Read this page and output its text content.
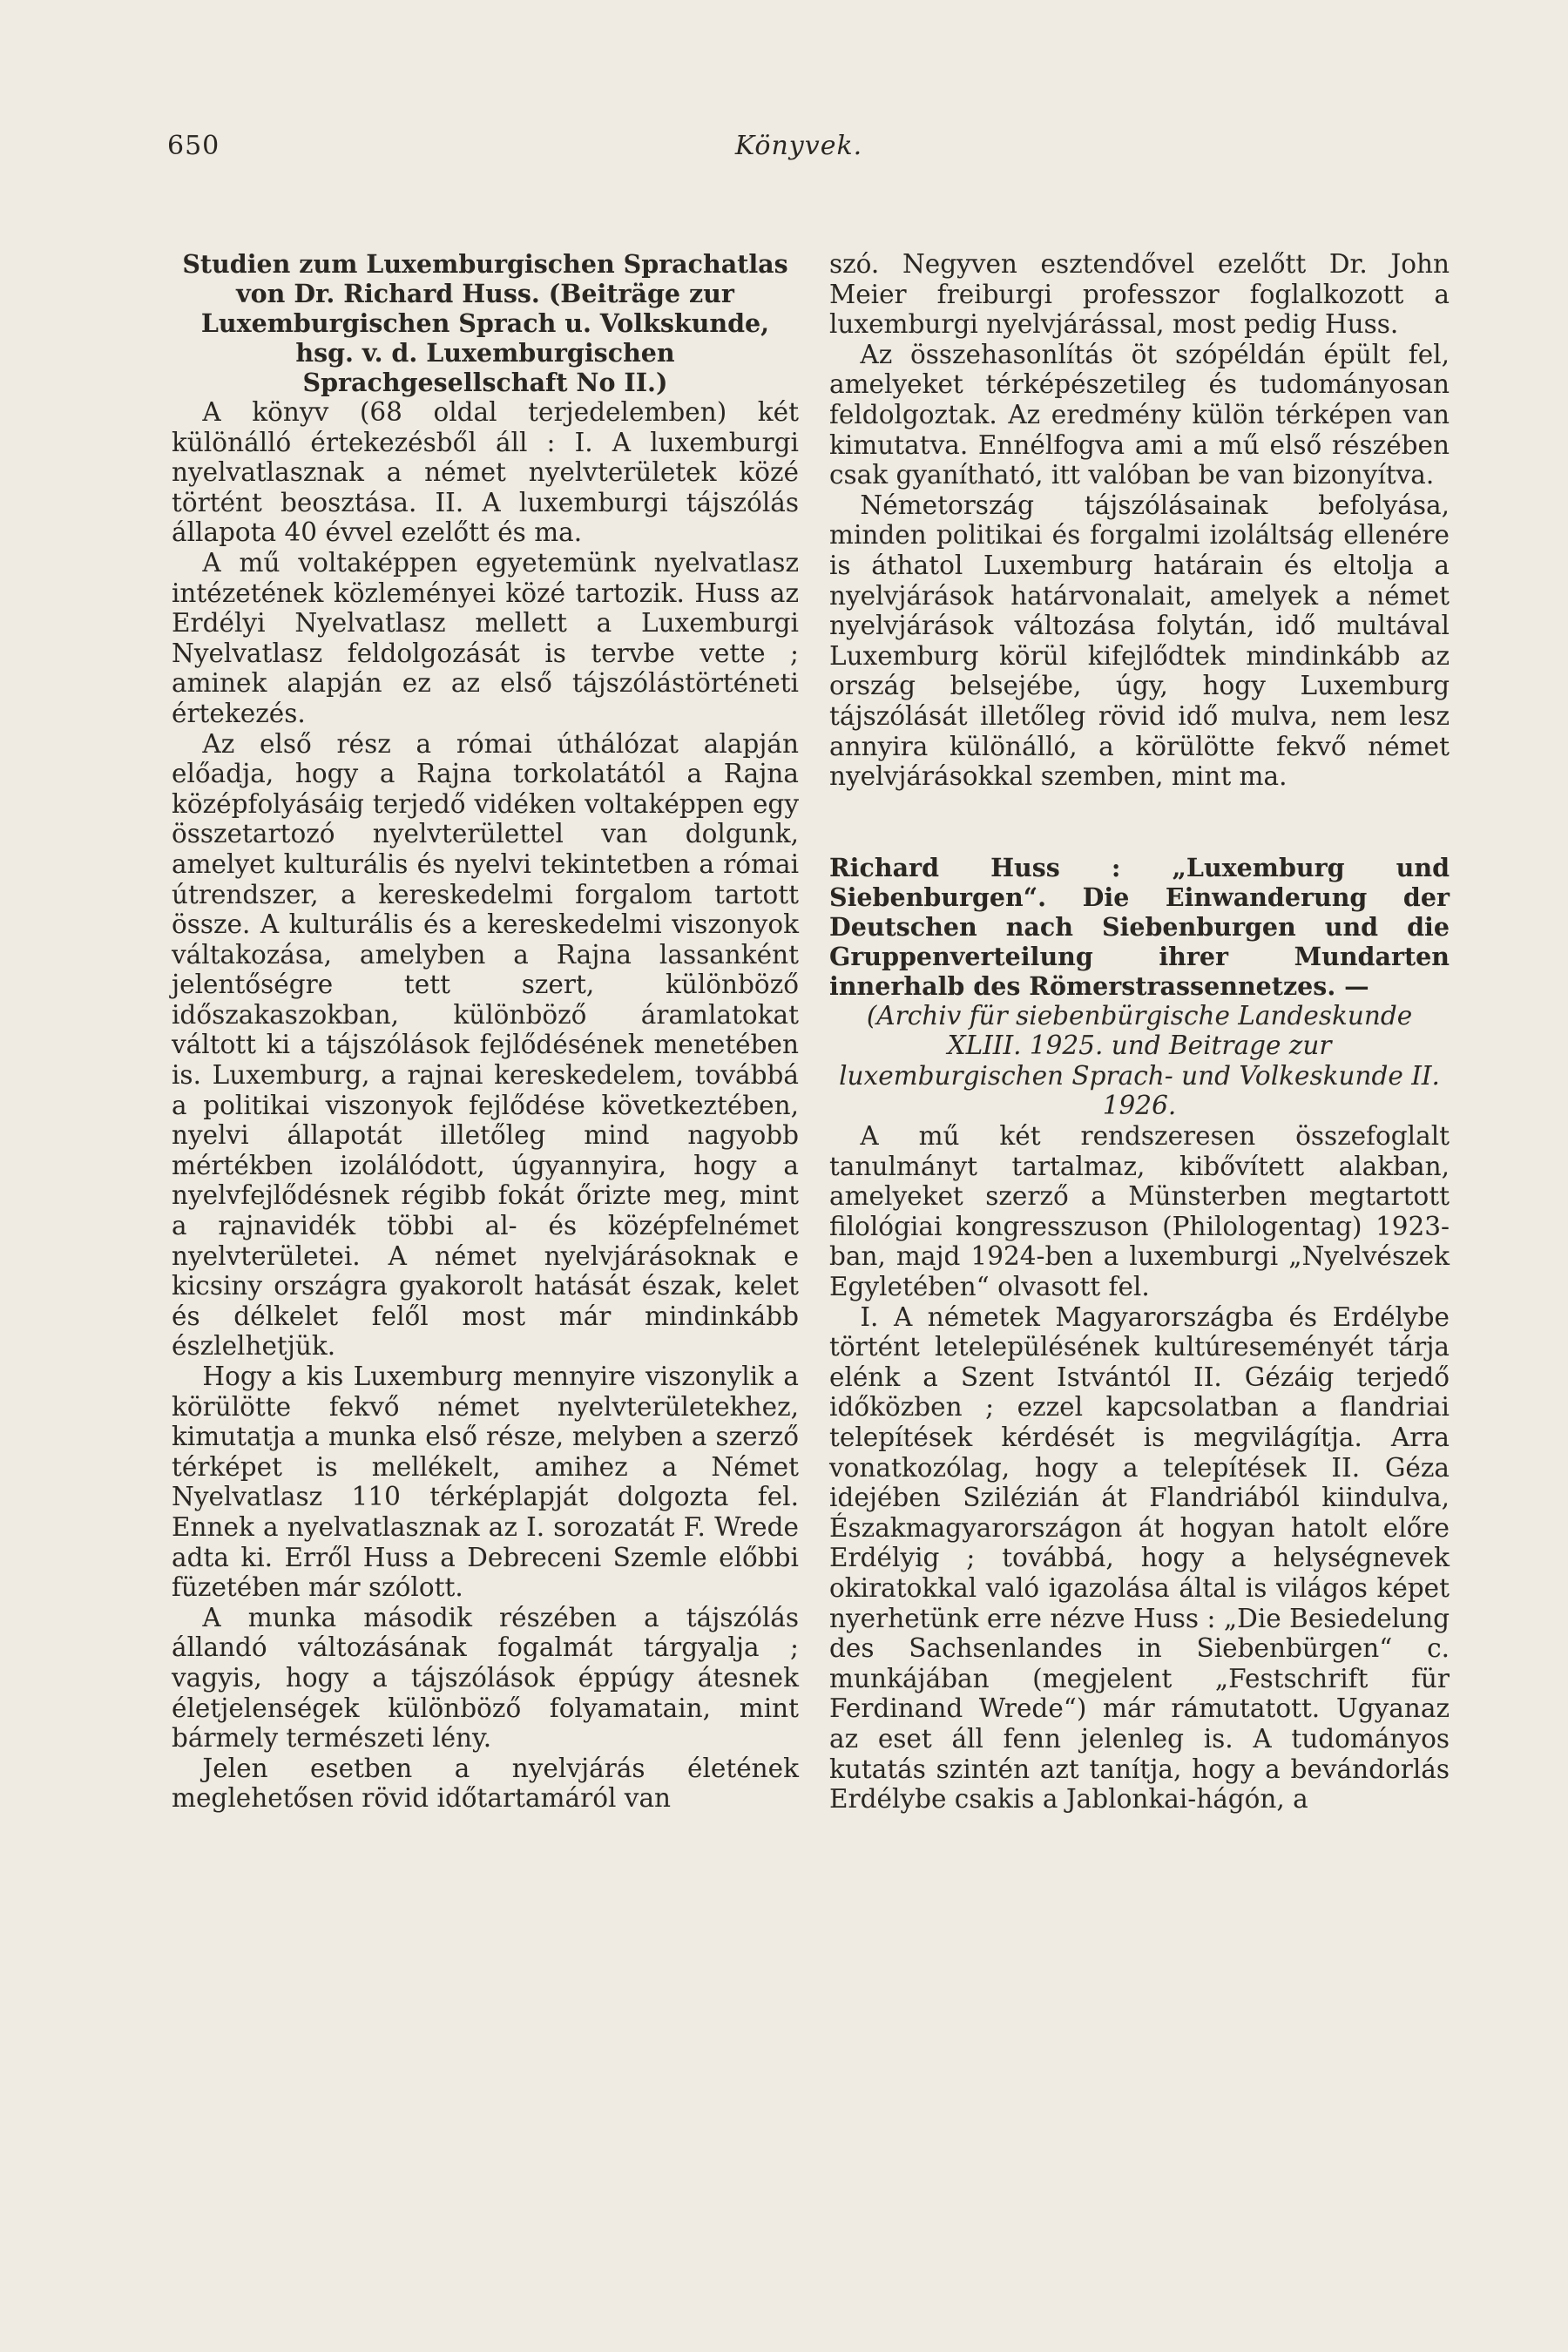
650	Könyvek.

Studien zum Luxemburgischen Sprachatlas von Dr. Richard Huss. (Beiträge zur Luxemburgischen Sprach u. Volkskunde, hsg. v. d. Luxemburgischen Sprachgesellschaft No II.)

A könyv (68 oldal terjedelemben) két különálló értekezésből áll : I. A luxemburgi nyelvatlasznak a német nyelvterületek közé történt beosztása. II. A luxemburgi tájszólás állapota 40 évvel ezelőtt és ma.

A mű voltaképpen egyetemünk nyelvatlasz intézetének közleményei közé tartozik. Huss az Erdélyi Nyelvatlasz mellett a Luxemburgi Nyelvatlasz feldolgozását is tervbe vette ; aminek alapján ez az első tájszólástörténeti értekezés.

Az első rész a római úthálózat alapján előadja, hogy a Rajna torkolatától a Rajna középfolyásáig terjedő vidéken voltaképpen egy összetartozó nyelvterülettel van dolgunk, amelyet kulturális és nyelvi tekintetben a római útrendszer, a kereskedelmi forgalom tartott össze. A kulturális és a kereskedelmi viszonyok váltakozása, amelyben a Rajna lassanként jelentőségre tett szert, különböző időszakaszokban, különböző áramlatokat váltott ki a tájszólások fejlődésének menetében is. Luxemburg, a rajnai kereskedelem, továbbá a politikai viszonyok fejlődése következtében, nyelvi állapotát illetőleg mind nagyobb mértékben izolálódott, úgyannyira, hogy a nyelvfejlődésnek régibb fokát őrizte meg, mint a rajnavidék többi al- és középfelnémet nyelvterületei. A német nyelvjárásoknak e kicsiny országra gyakorolt hatását észak, kelet és délkelet felől most már mindinkább észlelhetjük.

Hogy a kis Luxemburg mennyire viszonylik a körülötte fekvő német nyelvterületekhez, kimutatja a munka első része, melyben a szerző térképet is mellékelt, amihez a Német Nyelvatlasz 110 térképlapját dolgozta fel. Ennek a nyelvatlasznak az I. sorozatát F. Wrede adta ki. Erről Huss a Debreceni Szemle előbbi füzetében már szólott.

A munka második részében a tájszólás állandó változásának fogalmát tárgyalja ; vagyis, hogy a tájszólások éppúgy átesnek életjelenségek különböző folyamatain, mint bármely természeti lény.

Jelen esetben a nyelvjárás életének meglehetősen rövid időtartamáról van

szó. Negyven esztendővel ezelőtt Dr. John Meier freiburgi professzor foglalkozott a luxemburgi nyelvjárással, most pedig Huss.

Az összehasonlítás öt szópéldán épült fel, amelyeket térképészetileg és tudományosan feldolgoztak. Az eredmény külön térképen van kimutatva. Ennélfogva ami a mű első részében csak gyanítható, itt valóban be van bizonyítva.

Németország tájszólásainak befolyása, minden politikai és forgalmi izoláltság ellenére is áthatol Luxemburg határain és eltolja a nyelvjárások határvonalait, amelyek a német nyelvjárások változása folytán, idő multával Luxemburg körül kifejlődtek mindinkább az ország belsejébe, úgy, hogy Luxemburg tájszólását illetőleg rövid idő mulva, nem lesz annyira különálló, a körülötte fekvő német nyelvjárásokkal szemben, mint ma.

Richard Huss : „Luxemburg und Siebenburgen“. Die Einwanderung der Deutschen nach Siebenburgen und die Gruppenverteilung ihrer Mundarten innerhalb des Römerstrassennetzes. —

(Archiv für siebenbürgische Landeskunde XLIII. 1925. und Beitrage zur luxemburgischen Sprach- und Volkeskunde II. 1926.

A mű két rendszeresen összefoglalt tanulmányt tartalmaz, kibővített alakban, amelyeket szerző a Münsterben megtartott filológiai kongresszuson (Philologentag) 1923-ban, majd 1924-ben a luxemburgi „Nyelvészek Egyletében“ olvasott fel.

I. A németek Magyarországba és Erdélybe történt letelepülésének kultúreseményét tárja elénk a Szent Istvántól II. Gézáig terjedő időközben ; ezzel kapcsolatban a flandriai telepítések kérdését is megvilágítja. Arra vonatkozólag, hogy a telepítések II. Géza idejében Szilézián át Flandriából kiindulva, Északmagyarországon át hogyan hatolt előre Erdélyig ; továbbá, hogy a helységnevek okiratokkal való igazolása által is világos képet nyerhetünk erre nézve Huss : „Die Besiedelung des Sachsenlandes in Siebenbürgen“ c. munkájában (megjelent „Festschrift für Ferdinand Wrede“) már rámutatott. Ugyanaz az eset áll fenn jelenleg is. A tudományos kutatás szintén azt tanítja, hogy a bevándorlás Erdélybe csakis a Jablonkai-hágón, a
